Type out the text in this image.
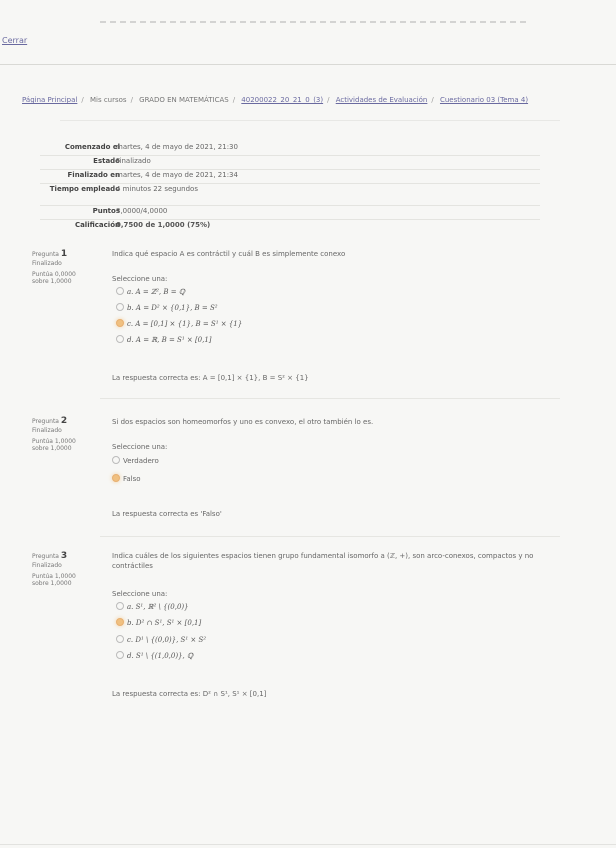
Cerrar
Página Principal / Mis cursos / GRADO EN MATEMÁTICAS / 40200022_20_21_0_(3) / Actividades de Evaluación / Cuestionario 03 (Tema 4)
Comenzado el
martes, 4 de mayo de 2021, 21:30
Estado
Finalizado
Finalizado en
martes, 4 de mayo de 2021, 21:34
Tiempo empleado
4 minutos 22 segundos
Puntos
3,0000/4,0000
Calificación
0,7500 de 1,0000 (75%)
Pregunta 1
Finalizado
Puntúa 0,0000 sobre 1,0000
Indica qué espacio A es contráctil y cuál B es simplemente conexo
Seleccione una:
a. A = ℤ², B = ℚ
b. A = D² × {0,1}, B = S²
c. A = [0,1] × {1}, B = S¹ × {1}
d. A = ℝ, B = S¹ × [0,1]
La respuesta correcta es: A = [0,1] × {1}, B = S² × {1}
Pregunta 2
Finalizado
Puntúa 1,0000 sobre 1,0000
Si dos espacios son homeomorfos y uno es convexo, el otro también lo es.
Seleccione una:
Verdadero
Falso
La respuesta correcta es 'Falso'
Pregunta 3
Finalizado
Puntúa 1,0000 sobre 1,0000
Indica cuáles de los siguientes espacios tienen grupo fundamental isomorfo a (ℤ, +), son arco-conexos, compactos y no contráctiles
Seleccione una:
a. S¹, ℝ² \ {(0,0)}
b. D² ∩ S¹, S¹ × [0,1]
c. D¹ \ {(0,0)}, S¹ × S²
d. S¹ \ {(1,0,0)}, ℚ
La respuesta correcta es: D² ∩ S¹, S¹ × [0,1]
